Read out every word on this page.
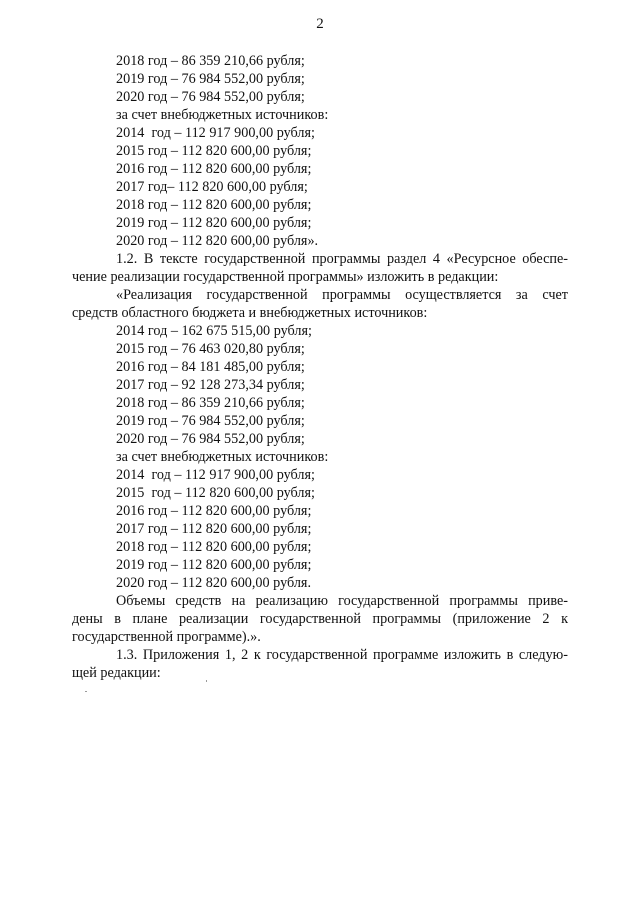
2
2018 год – 86 359 210,66 рубля;
2019 год – 76 984 552,00 рубля;
2020 год – 76 984 552,00 рубля;
за счет внебюджетных источников:
2014  год – 112 917 900,00 рубля;
2015 год – 112 820 600,00 рубля;
2016 год – 112 820 600,00 рубля;
2017 год– 112 820 600,00 рубля;
2018 год – 112 820 600,00 рубля;
2019 год – 112 820 600,00 рубля;
2020 год – 112 820 600,00 рубля».
1.2. В тексте государственной программы раздел 4 «Ресурсное обеспе-
чение реализации государственной программы» изложить в редакции:
«Реализация государственной программы осуществляется за счет
средств областного бюджета и внебюджетных источников:
2014 год – 162 675 515,00 рубля;
2015 год – 76 463 020,80 рубля;
2016 год – 84 181 485,00 рубля;
2017 год – 92 128 273,34 рубля;
2018 год – 86 359 210,66 рубля;
2019 год – 76 984 552,00 рубля;
2020 год – 76 984 552,00 рубля;
за счет внебюджетных источников:
2014  год – 112 917 900,00 рубля;
2015  год – 112 820 600,00 рубля;
2016 год – 112 820 600,00 рубля;
2017 год – 112 820 600,00 рубля;
2018 год – 112 820 600,00 рубля;
2019 год – 112 820 600,00 рубля;
2020 год – 112 820 600,00 рубля.
Объемы средств на реализацию государственной программы приве-
дены в плане реализации государственной программы (приложение 2 к
государственной программе).».
1.3. Приложения 1, 2 к государственной программе изложить в следую-
щей редакции:
